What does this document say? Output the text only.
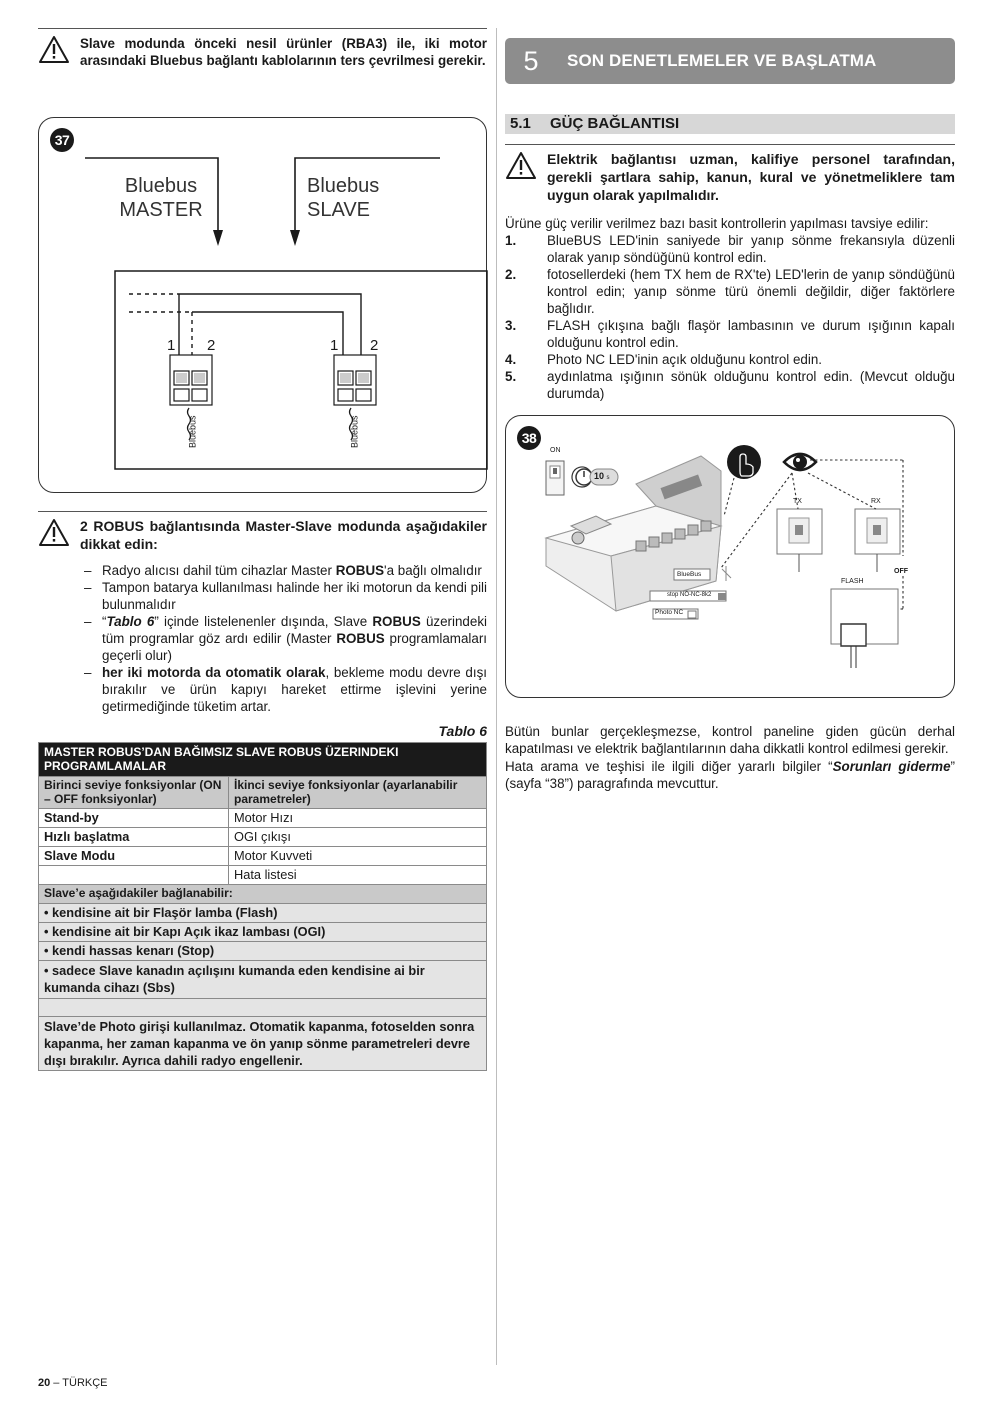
Slave modunda önceki nesil ürünler (RBA3) ile, iki motor arasındaki Bluebus bağlantı kablolarının ters çevrilmesi gerekir.

37
Bluebus
MASTER
Bluebus
SLAVE
1 2	1 2
Bluebus	Bluebus

2 ROBUS bağlantısında Master-Slave modunda aşağıdakiler dikkat edin:

– Radyo alıcısı dahil tüm cihazlar Master ROBUS'a bağlı olmalıdır
– Tampon batarya kullanılması halinde her iki motorun da kendi pili bulunmalıdır
– “Tablo 6” içinde listelenenler dışında, Slave ROBUS üzerindeki tüm programlar göz ardı edilir (Master ROBUS programlamaları geçerli olur)
– her iki motorda da otomatik olarak, bekleme modu devre dışı bırakılır ve ürün kapıyı hareket ettirme işlevini yerine getirmediğinde tüketim artar.
Tablo 6
MASTER ROBUS’DAN BAĞIMSIZ SLAVE ROBUS ÜZERINDEKI PROGRAMLAMALAR	
Birinci seviye fonksiyonlar (ON – OFF fonksiyonlar)	İkinci seviye fonksiyonlar (ayarlanabilir parametreler)
Stand-by	Motor Hızı
Hızlı başlatma	OGI çıkışı
Slave Modu	Motor Kuvveti
	Hata listesi
Slave’e aşağıdakiler bağlanabilir:	
• kendisine ait bir Flaşör lamba (Flash)	
• kendisine ait bir Kapı Açık ikaz lambası (OGI)	
• kendi hassas kenarı (Stop)	
• sadece Slave kanadın açılışını kumanda eden kendisine ai bir kumanda cihazı (Sbs)	

Slave’de Photo girişi kullanılmaz. Otomatik kapanma, fotoselden sonra kapanma, her zaman kapanma ve ön yanıp sönme parametreleri devre dışı bırakılır. Ayrıca dahili radyo engellenir.	
5	SON DENETLEMELER VE BAŞLATMA
5.1	GÜÇ BAĞLANTISI

Elektrik bağlantısı uzman, kalifiye personel tarafından, gerekli şartlara sahip, kanun, kural ve yönetmeliklere tam uygun olarak yapılmalıdır.

Ürüne güç verilir verilmez bazı basit kontrollerin yapılması tavsiye edilir:

1. BlueBUS LED'inin saniyede bir yanıp sönme frekansıyla düzenli olarak yanıp söndüğünü kontrol edin.
2. fotosellerdeki (hem TX hem de RX'te) LED'lerin de yanıp söndüğünü kontrol edin; yanıp sönme türü önemli değildir, diğer faktörlere bağlıdır.
3. FLASH çıkışına bağlı flaşör lambasının ve durum ışığının kapalı olduğunu kontrol edin.
4. Photo NC LED'inin açık olduğunu kontrol edin.
5. aydınlatma ışığının sönük olduğunu kontrol edin. (Mevcut olduğu durumda)
38
ON
10 s
TX	RX
FLASH
OFF
BlueBus
stop NO-NC-8k2
Photo NC

Bütün bunlar gerçekleşmezse, kontrol paneline giden gücün derhal kapatılması ve elektrik bağlantılarının daha dikkatli kontrol edilmesi gerekir.

Hata arama ve teşhisi ile ilgili diğer yararlı bilgiler “Sorunları giderme” (sayfa “38”) paragrafında mevcuttur.

20 – TÜRKÇE
